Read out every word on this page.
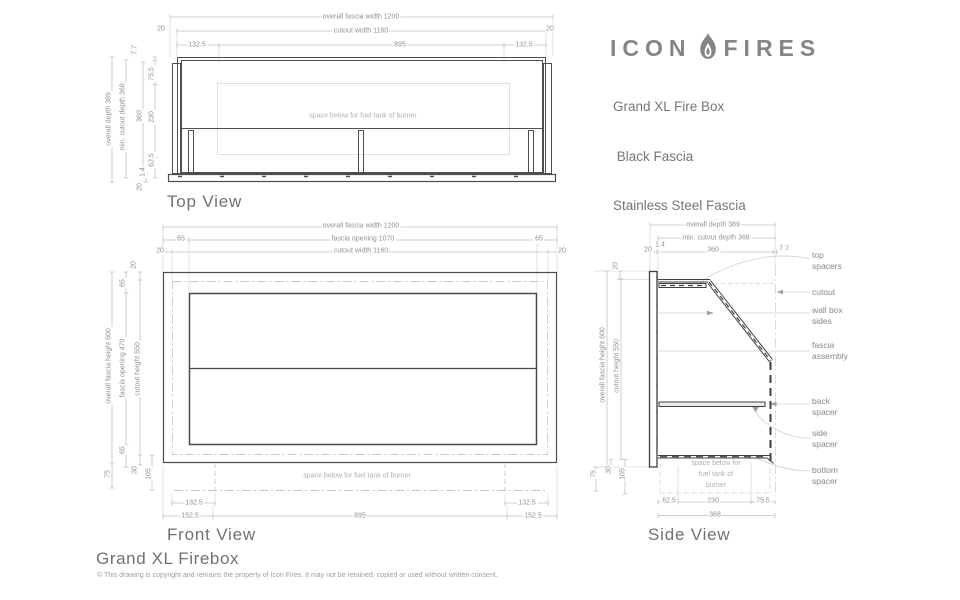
ICON FIRES

Grand XL Fire Box

Black Fascia

Stainless Steel Fascia

overall fascia width 1200
20	20
cutout width 1160
132.5	895	132.5
overall depth 389 min. cutout depth 368 360
7.7
75.5
230
62.5
1.4
20
space below for fuel tank of burner
Top View
overall fascia width 1200
65	fascia opening 1070	65
20	cutout width 1160	20
20
65
overall fascia height 600 fascia opening 470 cutout height 550
65
75
30 105	space below for fuel tank of burner
132.5	132.5
152.5	895	152.5
Front View
overall depth 389
min. cutout depth 368
20
1.4
360	7.7
20
overall fascia height 600 cutout height 550
75
30 105
space below for fuel tank of burner
62.5	230	75.5
368
top spacers
cutout
wall box sides
fascia assembly
back spacer
side spacer
bottom spacer
Side View
Grand XL Firebox
© This drawing is copyright and remains the property of Icon Fires. It may not be retained, copied or used without written consent.
